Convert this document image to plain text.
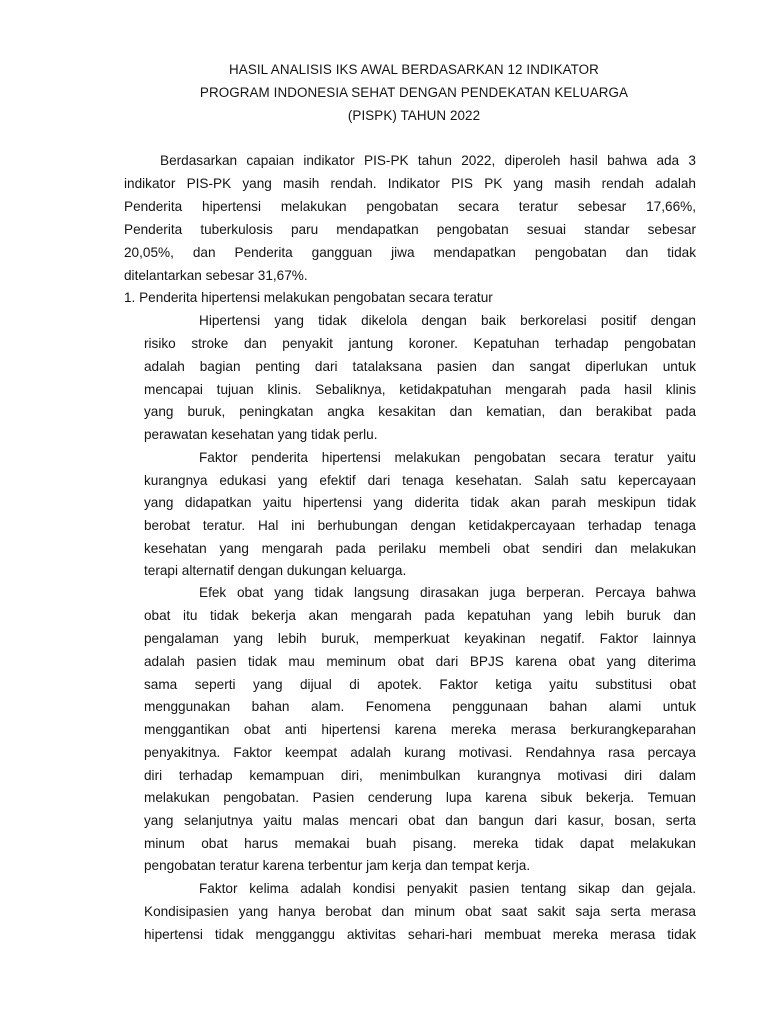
HASIL ANALISIS IKS AWAL BERDASARKAN 12 INDIKATOR
PROGRAM INDONESIA SEHAT DENGAN PENDEKATAN KELUARGA
(PISPK) TAHUN 2022
Berdasarkan capaian indikator PIS-PK tahun 2022, diperoleh hasil bahwa ada 3
indikator PIS-PK yang masih rendah. Indikator PIS PK yang masih rendah adalah
Penderita hipertensi melakukan pengobatan secara teratur sebesar 17,66%,
Penderita tuberkulosis paru mendapatkan pengobatan sesuai standar sebesar
20,05%, dan Penderita gangguan jiwa mendapatkan pengobatan dan tidak
ditelantarkan sebesar 31,67%.
1. Penderita hipertensi melakukan pengobatan secara teratur
Hipertensi yang tidak dikelola dengan baik berkorelasi positif dengan
risiko stroke dan penyakit jantung koroner. Kepatuhan terhadap pengobatan
adalah bagian penting dari tatalaksana pasien dan sangat diperlukan untuk
mencapai tujuan klinis. Sebaliknya, ketidakpatuhan mengarah pada hasil klinis
yang buruk, peningkatan angka kesakitan dan kematian, dan berakibat pada
perawatan kesehatan yang tidak perlu.
Faktor penderita hipertensi melakukan pengobatan secara teratur yaitu
kurangnya edukasi yang efektif dari tenaga kesehatan. Salah satu kepercayaan
yang didapatkan yaitu hipertensi yang diderita tidak akan parah meskipun tidak
berobat teratur. Hal ini berhubungan dengan ketidakpercayaan terhadap tenaga
kesehatan yang mengarah pada perilaku membeli obat sendiri dan melakukan
terapi alternatif dengan dukungan keluarga.
Efek obat yang tidak langsung dirasakan juga berperan. Percaya bahwa
obat itu tidak bekerja akan mengarah pada kepatuhan yang lebih buruk dan
pengalaman yang lebih buruk, memperkuat keyakinan negatif. Faktor lainnya
adalah pasien tidak mau meminum obat dari BPJS karena obat yang diterima
sama seperti yang dijual di apotek. Faktor ketiga yaitu substitusi obat
menggunakan bahan alam. Fenomena penggunaan bahan alami untuk
menggantikan obat anti hipertensi karena mereka merasa berkurangkeparahan
penyakitnya. Faktor keempat adalah kurang motivasi. Rendahnya rasa percaya
diri terhadap kemampuan diri, menimbulkan kurangnya motivasi diri dalam
melakukan pengobatan. Pasien cenderung lupa karena sibuk bekerja. Temuan
yang selanjutnya yaitu malas mencari obat dan bangun dari kasur, bosan, serta
minum obat harus memakai buah pisang. mereka tidak dapat melakukan
pengobatan teratur karena terbentur jam kerja dan tempat kerja.
Faktor kelima adalah kondisi penyakit pasien tentang sikap dan gejala.
Kondisipasien yang hanya berobat dan minum obat saat sakit saja serta merasa
hipertensi tidak mengganggu aktivitas sehari-hari membuat mereka merasa tidak
